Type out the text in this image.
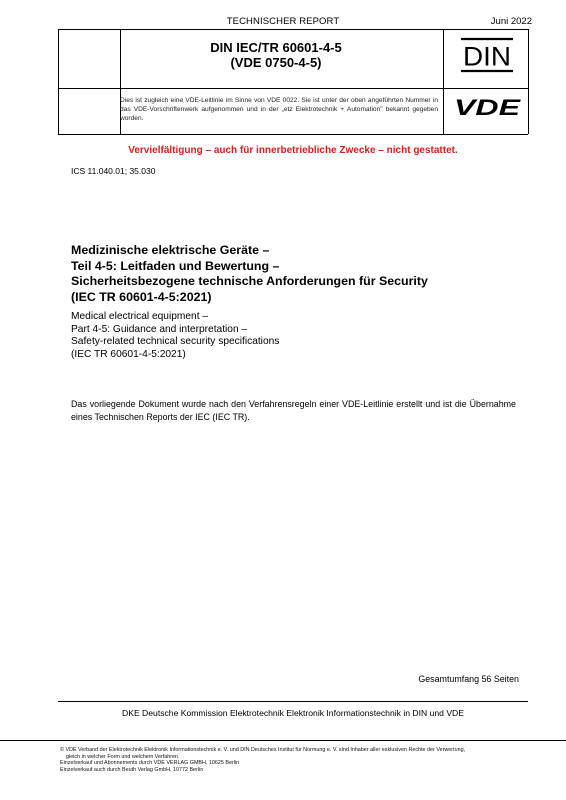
TECHNISCHER REPORT	Juni 2022
DIN IEC/TR 60601-4-5
(VDE 0750-4-5)	DIN
Dies ist zugleich eine VDE-Leitlinie im Sinne von VDE 0022. Sie ist unter der oben angeführten Nummer in das VDE-Vorschriftenwerk aufgenommen und in der „etz Elektrotechnik + Automation" bekannt gegeben worden.	VDE
Vervielfältigung – auch für innerbetriebliche Zwecke – nicht gestattet.
ICS 11.040.01; 35.030
Medizinische elektrische Geräte –
Teil 4-5: Leitfaden und Bewertung –
Sicherheitsbezogene technische Anforderungen für Security
(IEC TR 60601-4-5:2021)
Medical electrical equipment –
Part 4-5: Guidance and interpretation –
Safety-related technical security specifications
(IEC TR 60601-4-5:2021)
Das vorliegende Dokument wurde nach den Verfahrensregeln einer VDE-Leitlinie erstellt und ist die Übernahme eines Technischen Reports der IEC (IEC TR).
Gesamtumfang 56 Seiten
DKE Deutsche Kommission Elektrotechnik Elektronik Informationstechnik in DIN und VDE
© VDE Verband der Elektrotechnik Elektronik Informationstechnik e. V. und DIN Deutsches Institut für Normung e. V. sind Inhaber aller exklusiven Rechte der Verwertung,
gleich in welcher Form und welchem Verfahren.
Einzelverkauf und Abonnements durch VDE VERLAG GMBH, 10625 Berlin
Einzelverkauf auch durch Beuth Verlag GmbH, 10772 Berlin
